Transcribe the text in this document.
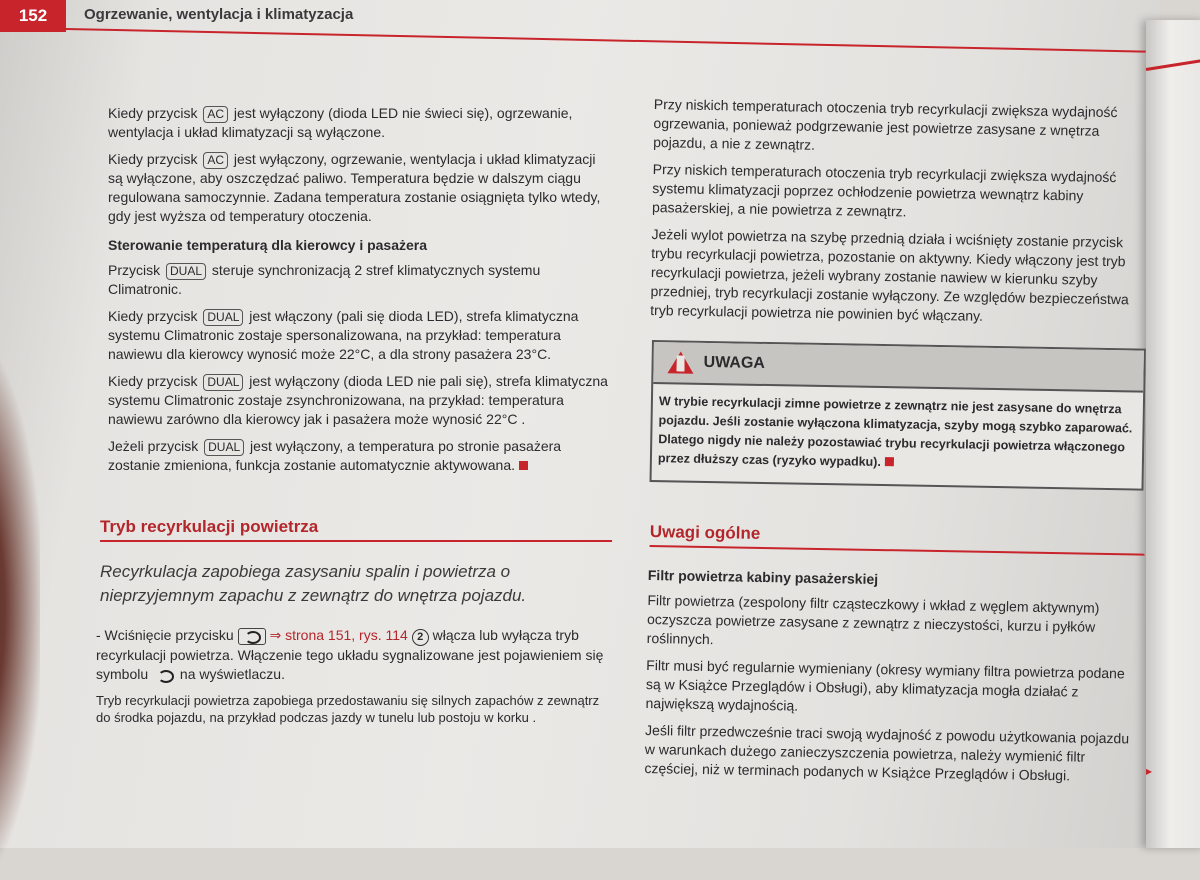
152	Ogrzewanie, wentylacja i klimatyzacja

Kiedy przycisk AC jest wyłączony (dioda LED nie świeci się), ogrzewanie, wentylacja i układ klimatyzacji są wyłączone.

Kiedy przycisk AC jest wyłączony, ogrzewanie, wentylacja i układ klimatyzacji są wyłączone, aby oszczędzać paliwo. Temperatura będzie w dalszym ciągu regulowana samoczynnie. Zadana temperatura zostanie osiągnięta tylko wtedy, gdy jest wyższa od temperatury otoczenia.

Sterowanie temperaturą dla kierowcy i pasażera

Przycisk DUAL steruje synchronizacją 2 stref klimatycznych systemu Climatronic.

Kiedy przycisk DUAL jest włączony (pali się dioda LED), strefa klimatyczna systemu Climatronic zostaje spersonalizowana, na przykład: temperatura nawiewu dla kierowcy wynosić może 22°C, a dla strony pasażera 23°C.

Kiedy przycisk DUAL jest wyłączony (dioda LED nie pali się), strefa klimatyczna systemu Climatronic zostaje zsynchronizowana, na przykład: temperatura nawiewu zarówno dla kierowcy jak i pasażera może wynosić 22°C .

Jeżeli przycisk DUAL jest wyłączony, a temperatura po stronie pasażera zostanie zmieniona, funkcja zostanie automatycznie aktywowana.

Tryb recyrkulacji powietrza
Recyrkulacja zapobiega zasysaniu spalin i powietrza o nieprzyjemnym zapachu z zewnątrz do wnętrza pojazdu.
- Wciśnięcie przycisku	⇒ strona 151, rys. 114 2 włącza lub wyłącza tryb recyrkulacji powietrza. Włączenie tego układu sygnalizowane jest pojawieniem się symbolu na wyświetlaczu.
Tryb recyrkulacji powietrza zapobiega przedostawaniu się silnych zapachów z zewnątrz do środka pojazdu, na przykład podczas jazdy w tunelu lub postoju w korku .

Przy niskich temperaturach otoczenia tryb recyrkulacji zwiększa wydajność ogrzewania, ponieważ podgrzewanie jest powietrze zasysane z wnętrza pojazdu, a nie z zewnątrz.

Przy niskich temperaturach otoczenia tryb recyrkulacji zwiększa wydajność systemu klimatyzacji poprzez ochłodzenie powietrza wewnątrz kabiny pasażerskiej, a nie powietrza z zewnątrz.

Jeżeli wylot powietrza na szybę przednią działa i wciśnięty zostanie przycisk trybu recyrkulacji powietrza, pozostanie on aktywny. Kiedy włączony jest tryb recyrkulacji powietrza, jeżeli wybrany zostanie nawiew w kierunku szyby przedniej, tryb recyrkulacji zostanie wyłączony. Ze względów bezpieczeństwa tryb recyrkulacji powietrza nie powinien być włączany.

UWAGA
W trybie recyrkulacji zimne powietrze z zewnątrz nie jest zasysane do wnętrza pojazdu. Jeśli zostanie wyłączona klimatyzacja, szyby mogą szybko zaparować. Dlatego nigdy nie należy pozostawiać trybu recyrkulacji powietrza włączonego przez dłuższy czas (ryzyko wypadku).
Uwagi ogólne
Filtr powietrza kabiny pasażerskiej

Filtr powietrza (zespolony filtr cząsteczkowy i wkład z węglem aktywnym) oczyszcza powietrze zasysane z zewnątrz z nieczystości, kurzu i pyłków roślinnych.

Filtr musi być regularnie wymieniany (okresy wymiany filtra powietrza podane są w Książce Przeglądów i Obsługi), aby klimatyzacja mogła działać z największą wydajnością.

Jeśli filtr przedwcześnie traci swoją wydajność z powodu użytkowania pojazdu w warunkach dużego zanieczyszczenia powietrza, należy wymienić filtr częściej, niż w terminach podanych w Książce Przeglądów i Obsługi.	▸
